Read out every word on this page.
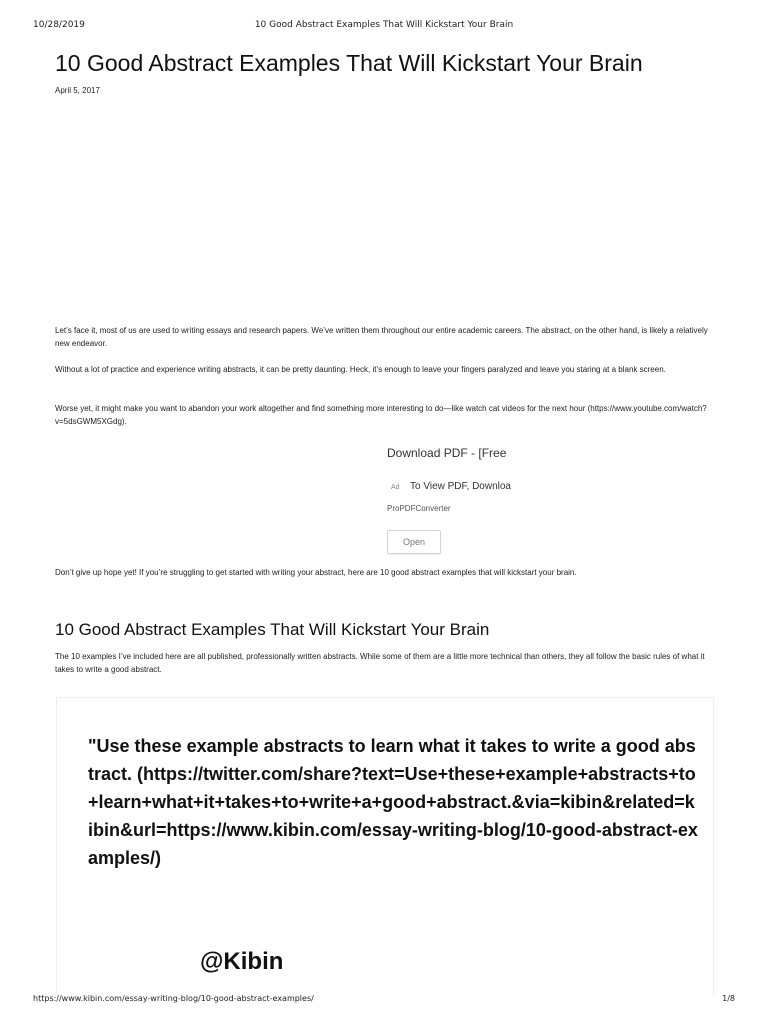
10/28/2019	10 Good Abstract Examples That Will Kickstart Your Brain
10 Good Abstract Examples That Will Kickstart Your Brain
April 5, 2017

Let’s face it, most of us are used to writing essays and research papers. We’ve written them throughout our entire academic careers. The abstract, on the other hand, is likely a relatively new endeavor.

Without a lot of practice and experience writing abstracts, it can be pretty daunting. Heck, it’s enough to leave your fingers paralyzed and leave you staring at a blank screen.

Worse yet, it might make you want to abandon your work altogether and find something more interesting to do—like watch cat videos for the next hour (https://www.youtube.com/watch?v=5dsGWM5XGdg).

Download PDF - [Free
Ad To View PDF, Downloa
ProPDFConverter
Open

Don’t give up hope yet! If you’re struggling to get started with writing your abstract, here are 10 good abstract examples that will kickstart your brain.

10 Good Abstract Examples That Will Kickstart Your Brain

The 10 examples I’ve included here are all published, professionally written abstracts. While some of them are a little more technical than others, they all follow the basic rules of what it takes to write a good abstract.

"Use these example abstracts to learn what it takes to write a good abstract. (https://twitter.com/share?text=Use+these+example+abstracts+to+learn+what+it+takes+to+write+a+good+abstract.&via=kibin&related=kibin&url=https://www.kibin.com/essay-writing-blog/10-good-abstract-examples/)

@Kibin
https://www.kibin.com/essay-writing-blog/10-good-abstract-examples/	1/8
